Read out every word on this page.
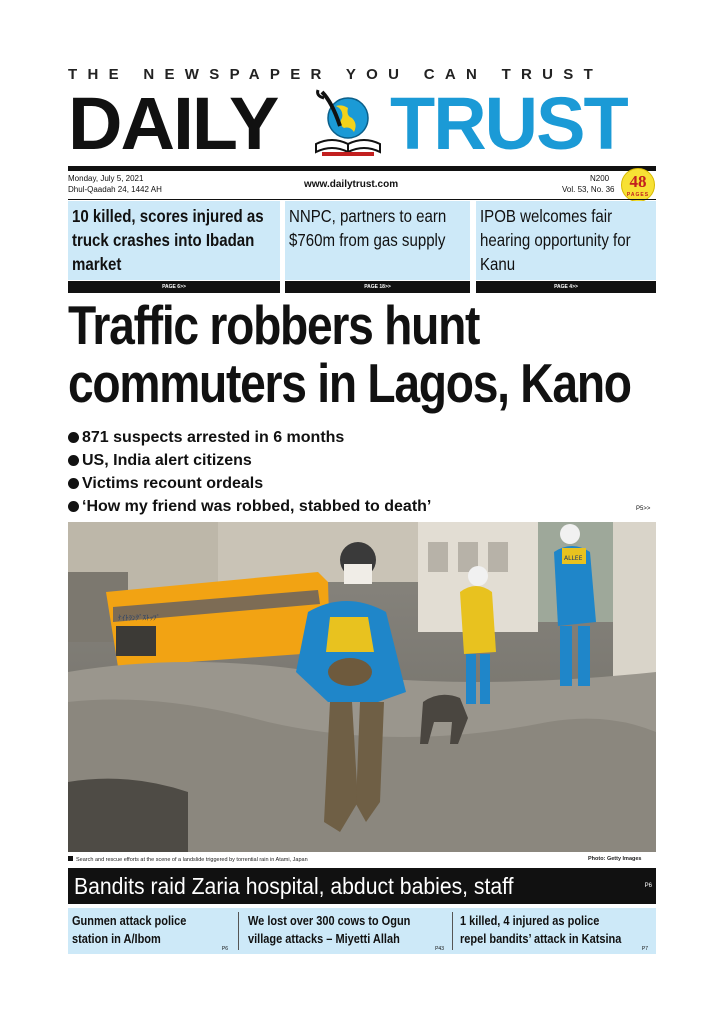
THE NEWSPAPER YOU CAN TRUST
DAILY TRUST
Monday, July 5, 2021
Dhul-Qaadah 24, 1442 AH	www.dailytrust.com
N200
Vol. 53, No. 36 48
PAGES
10 killed, scores injured as truck crashes into Ibadan market
PAGE 6>>
NNPC, partners to earn $760m from gas supply
PAGE 18>>
IPOB welcomes fair hearing opportunity for Kanu
PAGE 4>>
Traffic robbers hunt
commuters in Lagos, Kano
871 suspects arrested in 6 months
US, India alert citizens
Victims recount ordeals
‘How my friend was robbed, stabbed to death’	P5>>
ﾅｲﾄﾗﾝｸﾞｽﾄｯﾌﾟ
ALLEE
Search and rescue efforts at the scene of a landslide triggered by torrential rain in Atami, Japan	Photo: Getty Images
Bandits raid Zaria hospital, abduct babies, staff	P6
Gunmen attack police
station in A/Ibom
P6
We lost over 300 cows to Ogun
village attacks – Miyetti Allah
P43
1 killed, 4 injured as police
repel bandits’ attack in Katsina
P7
